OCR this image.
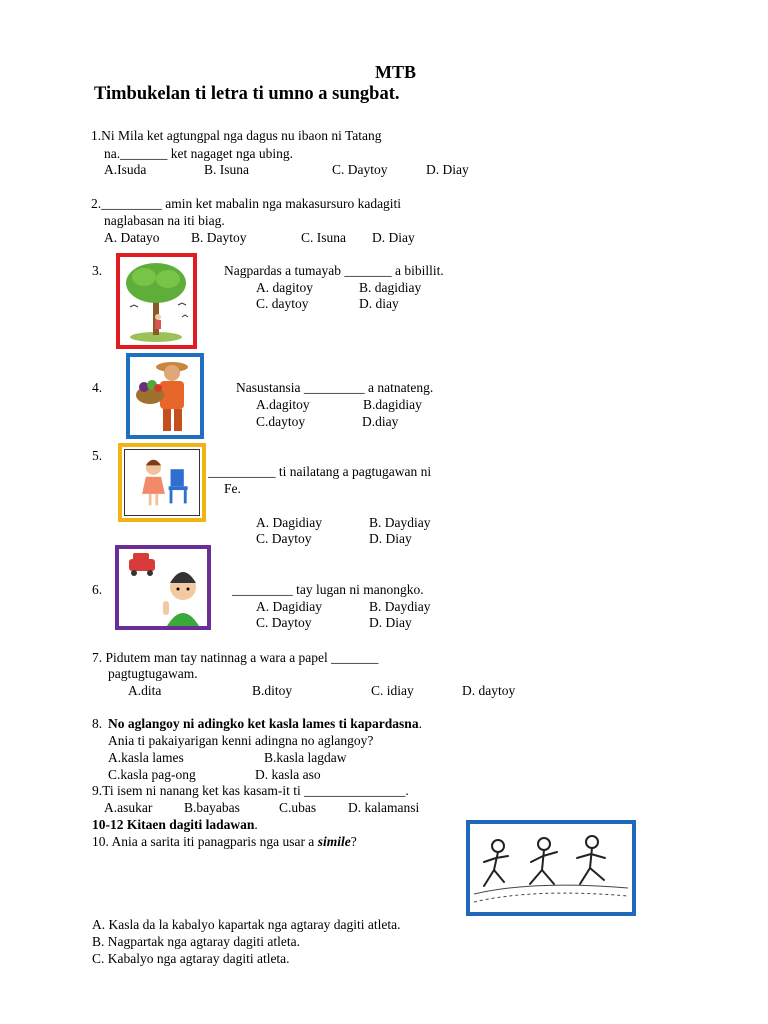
MTB
Timbukelan ti letra ti umno a sungbat.
1.Ni Mila ket agtungpal nga dagus nu ibaon ni Tatang
na._______ ket nagaget nga ubing.
A.Isuda	B. Isuna	C. Daytoy	D. Diay
2._________ amin ket mabalin nga makasursuro kadagiti
naglabasan na iti biag.
A. Datayo B. Daytoy	C. Isuna D. Diay
3.	Nagpardas a tumayab _______ a bibillit.
A. dagitoy	B. dagidiay
C. daytoy	D. diay
4.	Nasustansia _________ a natnateng.
A.dagitoy	B.dagidiay
C.daytoy	D.diay
5.
__________ ti nailatang a pagtugawan ni
Fe.
A. Dagidiay	B. Daydiay
C. Daytoy	D. Diay
6.	_________ tay lugan ni manongko.
A. Dagidiay	B. Daydiay
C. Daytoy	D. Diay
7. Pidutem man tay natinnag a wara a papel _______
pagtugtugawam.
A.dita	B.ditoy	C. idiay	D. daytoy
8. No aglangoy ni adingko ket kasla lames ti kapardasna.
Ania ti pakaiyarigan kenni adingna no aglangoy?
A.kasla lames	B.kasla lagdaw
C.kasla pag-ong	D. kasla aso
9.Ti isem ni nanang ket kas kasam-it ti _______________.
A.asukar B.bayabas	C.ubas D. kalamansi
10-12 Kitaen dagiti ladawan.
10. Ania a sarita iti panagparis nga usar a simile?
A. Kasla da la kabalyo kapartak nga agtaray dagiti atleta.
B. Nagpartak nga agtaray dagiti atleta.
C. Kabalyo nga agtaray dagiti atleta.
